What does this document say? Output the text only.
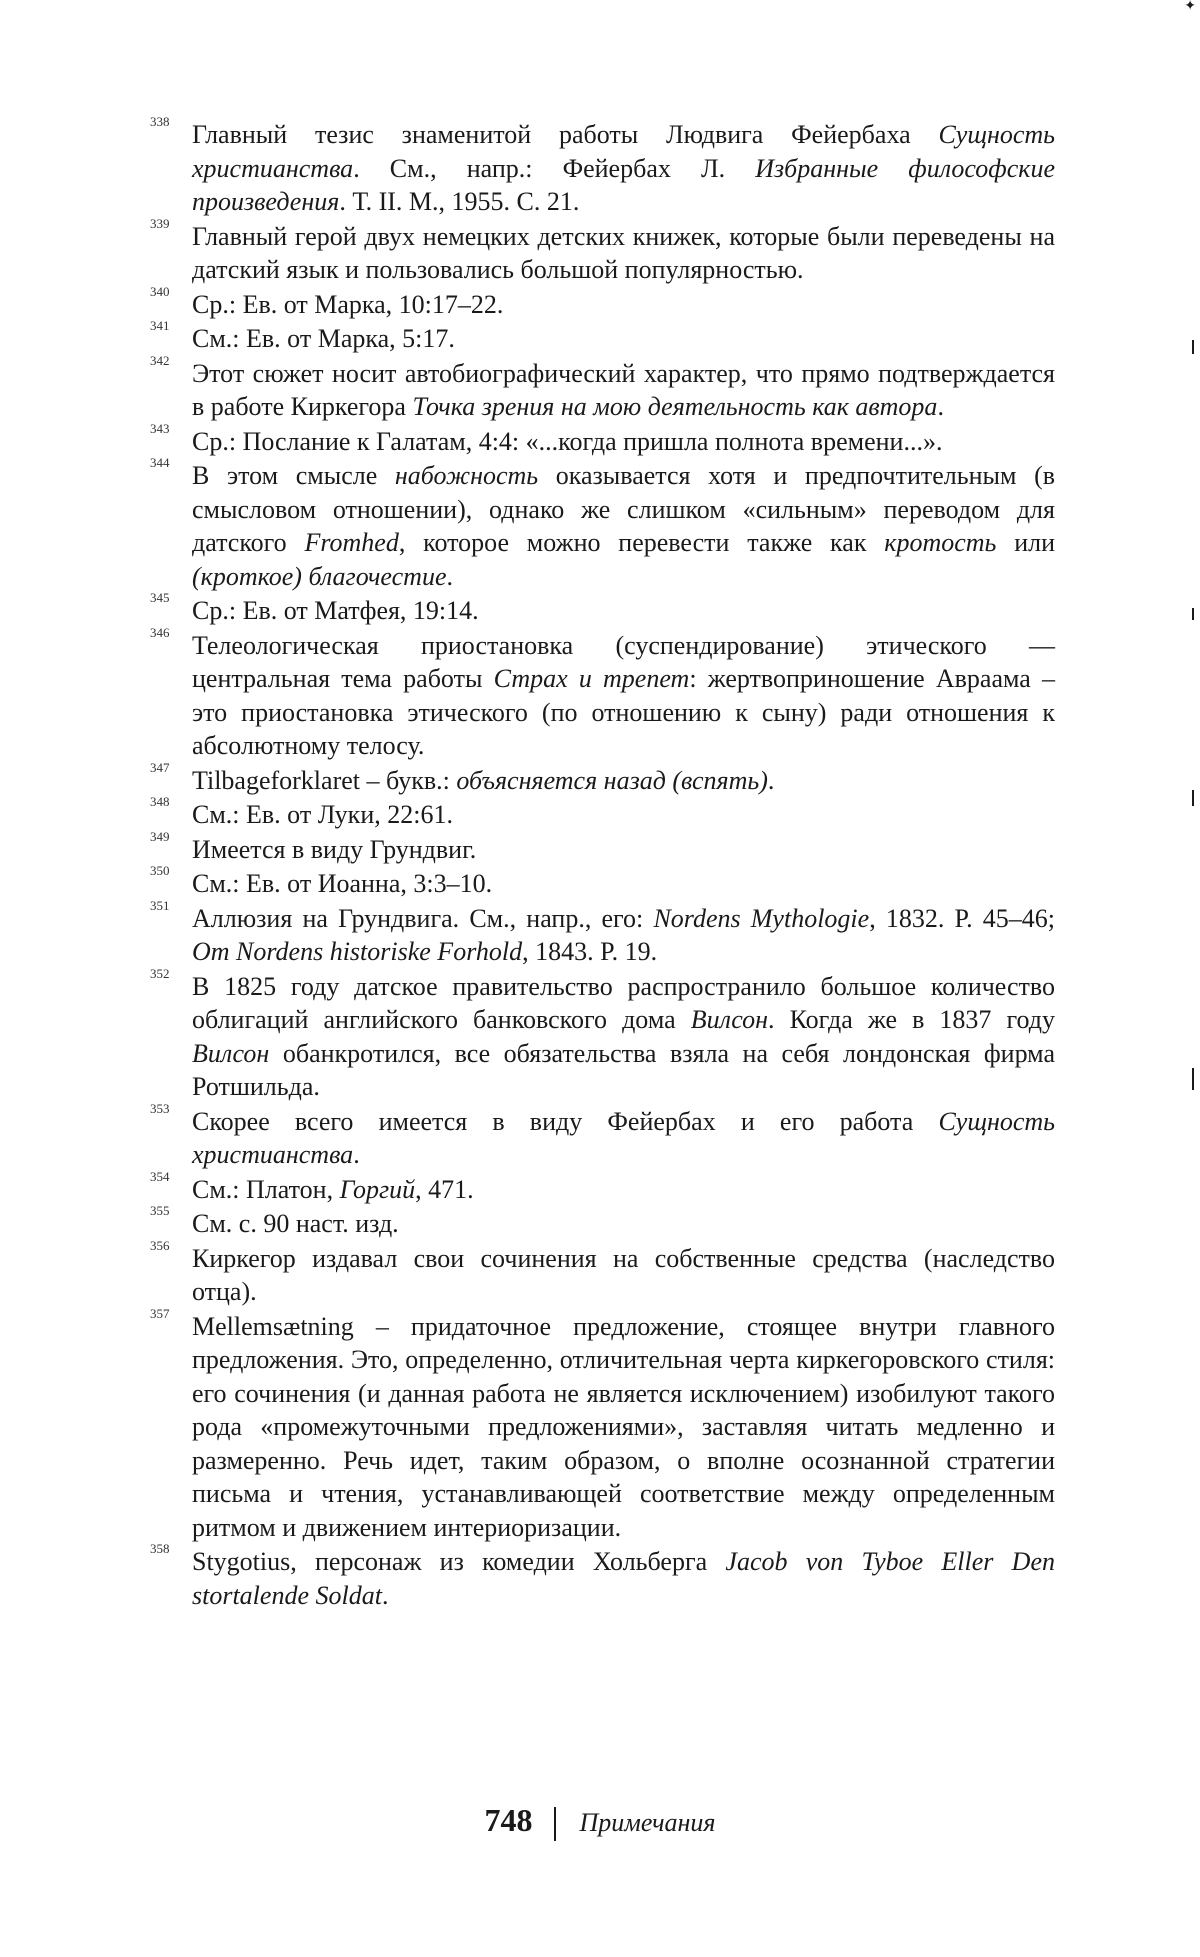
✦
338 Главный тезис знаменитой работы Людвига Фейербаха Сущность христианства. См., напр.: Фейербах Л. Избранные философские произведения. Т. II. М., 1955. С. 21.
339 Главный герой двух немецких детских книжек, которые были переведены на датский язык и пользовались большой популярностью.
340 Ср.: Ев. от Марка, 10:17–22.
341 См.: Ев. от Марка, 5:17.
342 Этот сюжет носит автобиографический характер, что прямо подтверждается в работе Киркегора Точка зрения на мою деятельность как автора.
343 Ср.: Послание к Галатам, 4:4: «...когда пришла полнота времени...».
344 В этом смысле набожность оказывается хотя и предпочтительным (в смысловом отношении), однако же слишком «сильным» переводом для датского Fromhed, которое можно перевести также как кротость или (кроткое) благочестие.
345 Ср.: Ев. от Матфея, 19:14.
346 Телеологическая приостановка (суспендирование) этического — центральная тема работы Страх и трепет: жертвоприношение Авраама – это приостановка этического (по отношению к сыну) ради отношения к абсолютному телосу.
347 Tilbageforklaret – букв.: объясняется назад (вспять).
348 См.: Ев. от Луки, 22:61.
349 Имеется в виду Грундвиг.
350 См.: Ев. от Иоанна, 3:3–10.
351 Аллюзия на Грундвига. См., напр., его: Nordens Mythologie, 1832. P. 45–46; Om Nordens historiske Forhold, 1843. P. 19.
352 В 1825 году датское правительство распространило большое количество облигаций английского банковского дома Вилсон. Когда же в 1837 году Вилсон обанкротился, все обязательства взяла на себя лондонская фирма Ротшильда.
353 Скорее всего имеется в виду Фейербах и его работа Сущность христианства.
354 См.: Платон, Горгий, 471.
355 См. с. 90 наст. изд.
356 Киркегор издавал свои сочинения на собственные средства (наследство отца).
357 Mellemsætning – придаточное предложение, стоящее внутри главного предложения. Это, определенно, отличительная черта киркегоровского стиля: его сочинения (и данная работа не является исключением) изобилуют такого рода «промежуточными предложениями», заставляя читать медленно и размеренно. Речь идет, таким образом, о вполне осознанной стратегии письма и чтения, устанавливающей соответствие между определенным ритмом и движением интериоризации.
358 Stygotius, персонаж из комедии Хольберга Jacob von Tyboe Eller Den stortalende Soldat.
748 Примечания
